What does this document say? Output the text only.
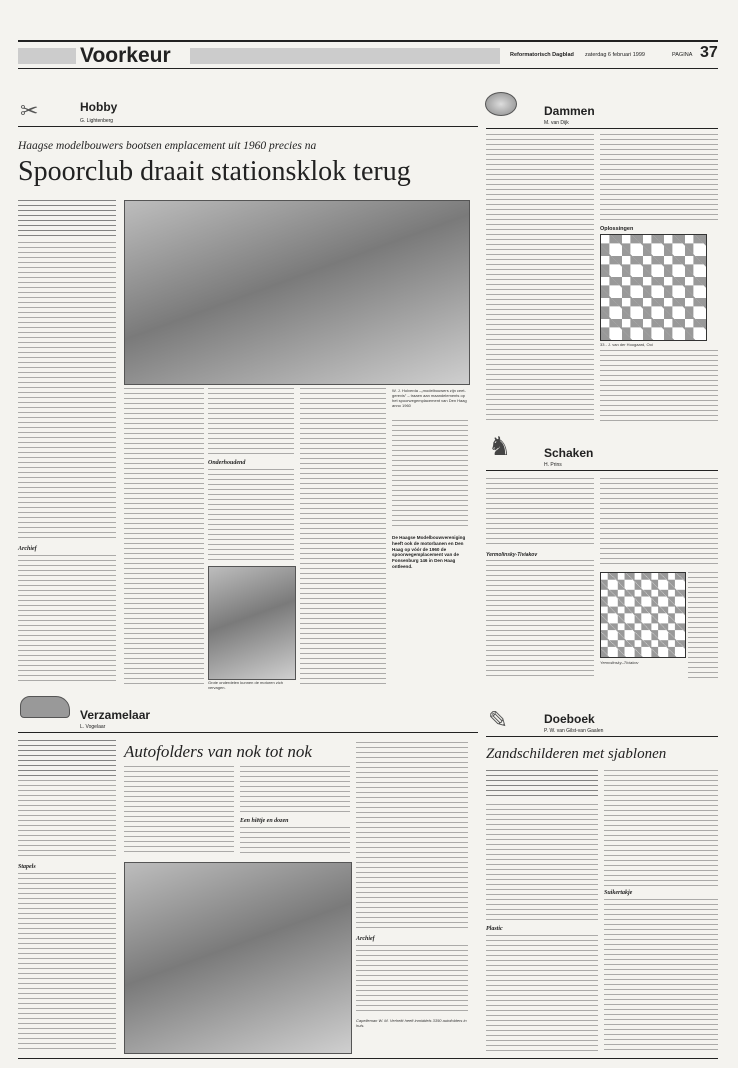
Voorkeur	Reformatorisch Dagblad zaterdag 6 februari 1999	PAGINA 37
✂	Hobby
G. Lightenberg
Haagse modelbouwers bootsen emplacement uit 1960 precies na
Spoorclub draait stationsklok terug
Archief
W. J. Holverda –„modelbouwers zijn ceet-gerevis” – traaen aan maandelements op het spoorwegemplacement van Den Haag anno 1960
Onderhoudend
Grote onderdelen kunnen de motoren zich vervagen.
De Haagse Modelbouwvereniging heeft ook de motorbanen en Den Haag op vóór de 1960 de spoorwegemplacement van de Fonsenburg 146 in Den Haag ontleend.
Dammen
M. van Dijk
Oplossingen
33 - J. van der Hoogaard, Ooi
♞	Schaken
H. Prins
Yermolinsky-Tiviakov
Yermolinsky–Tiviakov
Verzamelaar
L. Vogelaar
Stapels
Autofolders van nok tot nok
Een hiëtje en dozen
Archief
Capelleman W. M. Verheltt heeft inmiddels 3350 autofolders in huis.
✎	Doeboek
P. W. van Gilst-van Gaalen
Zandschilderen met sjablonen
Plastic
Suikertakje
